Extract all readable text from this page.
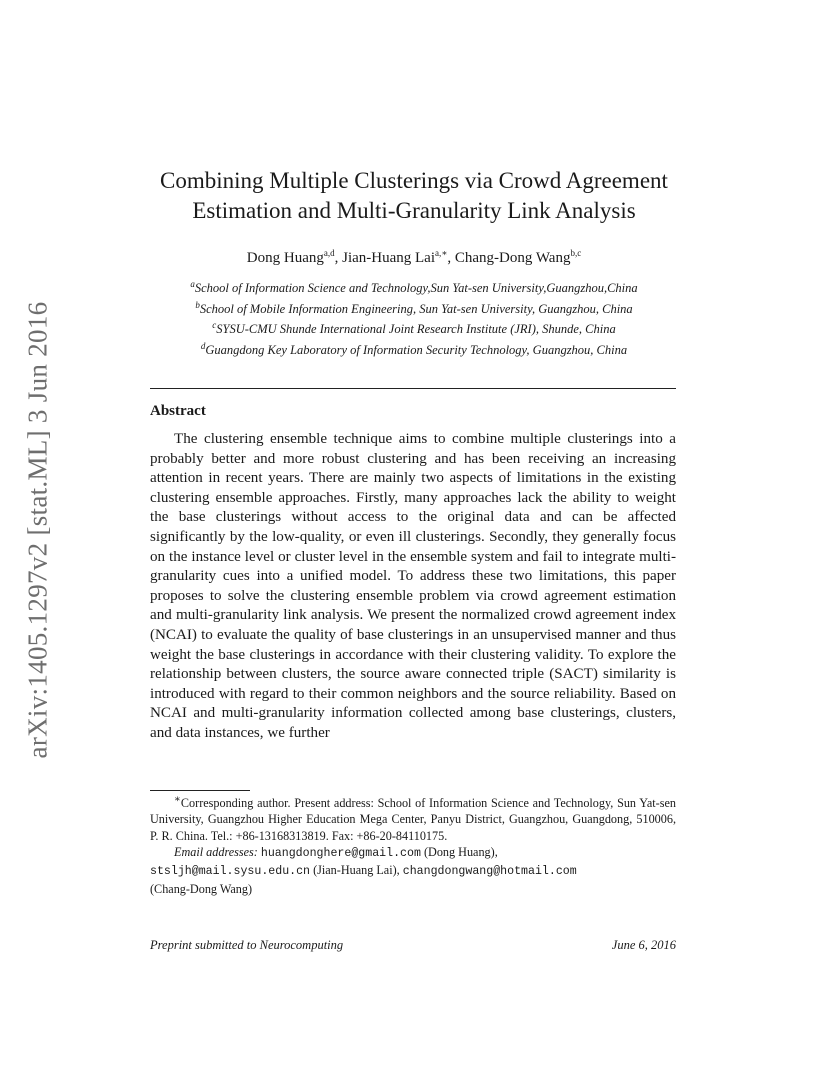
arXiv:1405.1297v2 [stat.ML] 3 Jun 2016
Combining Multiple Clusterings via Crowd Agreement
Estimation and Multi-Granularity Link Analysis
Dong Huang$^{a,d}$, Jian-Huang Lai$^{a,∗}$, Chang-Dong Wang$^{b,c}$
$^a$School of Information Science and Technology,Sun Yat-sen University,Guangzhou,China
$^b$School of Mobile Information Engineering, Sun Yat-sen University, Guangzhou, China
$^c$SYSU-CMU Shunde International Joint Research Institute (JRI), Shunde, China
$^d$Guangdong Key Laboratory of Information Security Technology, Guangzhou, China
Abstract

The clustering ensemble technique aims to combine multiple clusterings into a probably better and more robust clustering and has been receiving an increasing attention in recent years. There are mainly two aspects of limitations in the existing clustering ensemble approaches. Firstly, many approaches lack the ability to weight the base clusterings without access to the original data and can be affected significantly by the low-quality, or even ill clusterings. Secondly, they generally focus on the instance level or cluster level in the ensemble system and fail to integrate multi-granularity cues into a unified model. To address these two limitations, this paper proposes to solve the clustering ensemble problem via crowd agreement estimation and multi-granularity link analysis. We present the normalized crowd agreement index (NCAI) to evaluate the quality of base clusterings in an unsupervised manner and thus weight the base clusterings in accordance with their clustering validity. To explore the relationship between clusters, the source aware connected triple (SACT) similarity is introduced with regard to their common neighbors and the source reliability. Based on NCAI and multi-granularity information collected among base clusterings, clusters, and data instances, we further

∗Corresponding author. Present address: School of Information Science and Technology, Sun Yat-sen University, Guangzhou Higher Education Mega Center, Panyu District, Guangzhou, Guangdong, 510006, P. R. China. Tel.: +86-13168313819. Fax: +86-20-84110175.

Email addresses: huangdonghere@gmail.com (Dong Huang),

stsljh@mail.sysu.edu.cn (Jian-Huang Lai), changdongwang@hotmail.com

(Chang-Dong Wang)

Preprint submitted to Neurocomputing	June 6, 2016
